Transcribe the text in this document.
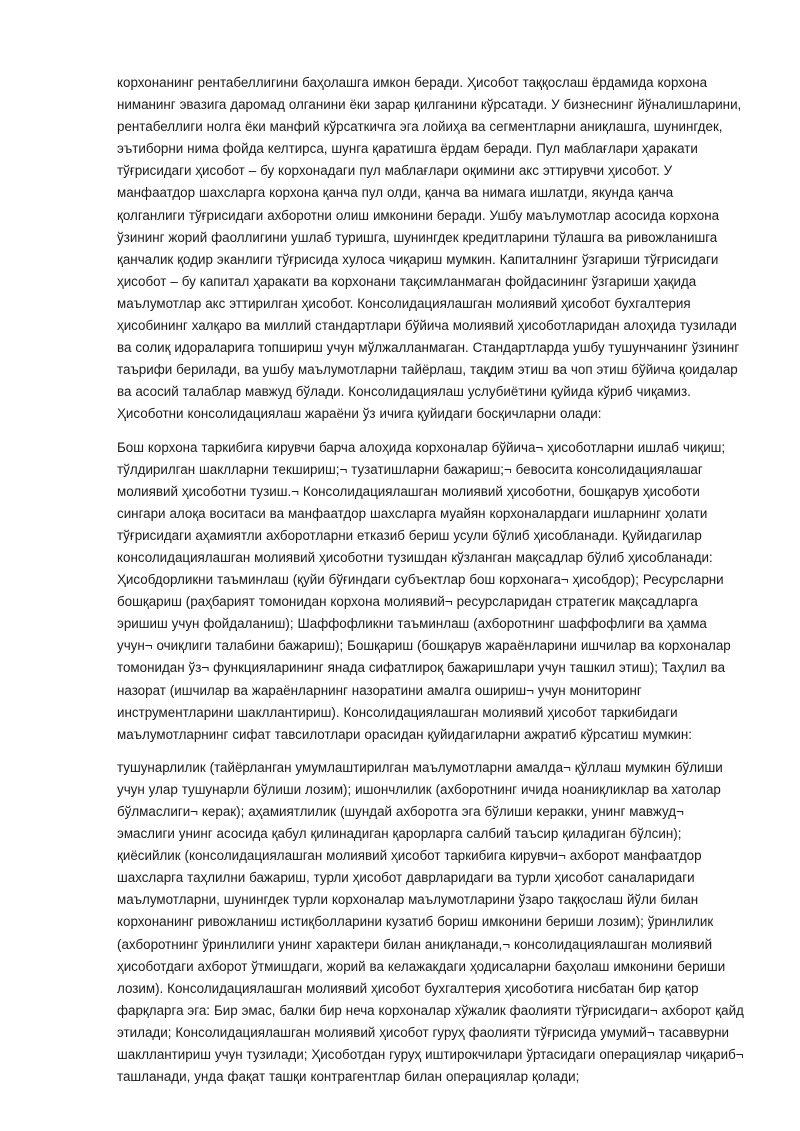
корхонанинг рентабеллигини баҳолашга имкон беради. Ҳисобот таққослаш ёрдамида корхона ниманинг эвазига даромад олганини ёки зарар қилганини кўрсатади. У бизнеснинг йўналишларини, рентабеллиги нолга ёки манфий кўрсаткичга эга лойиҳа ва сегментларни аниқлашга, шунингдек, эътиборни нима фойда келтирса, шунга қаратишга ёрдам беради. Пул маблағлари ҳаракати тўғрисидаги ҳисобот – бу корхонадаги пул маблағлари оқимини акс эттирувчи ҳисобот. У манфаатдор шахсларга корхона қанча пул олди, қанча ва нимага ишлатди, якунда қанча қолганлиги тўғрисидаги ахборотни олиш имконини беради. Ушбу маълумотлар асосида корхона ўзининг жорий фаоллигини ушлаб туришга, шунингдек кредитларини тўлашга ва ривожланишга қанчалик қодир эканлиги тўғрисида хулоса чиқариш мумкин. Капиталнинг ўзгариши тўғрисидаги ҳисобот – бу капитал ҳаракати ва корхонани тақсимланмаган фойдасининг ўзгариши ҳақида маълумотлар акс эттирилган ҳисобот. Консолидациялашган молиявий ҳисобот бухгалтерия ҳисобининг халқаро ва миллий стандартлари бўйича молиявий ҳисоботларидан алоҳида тузилади ва солиқ идораларига топшириш учун мўлжалланмаган. Стандартларда ушбу тушунчанинг ўзининг таърифи берилади, ва ушбу маълумотларни тайёрлаш, тақдим этиш ва чоп этиш бўйича қоидалар ва асосий талаблар мавжуд бўлади. Консолидациялаш услубиётини қуйида кўриб чиқамиз. Ҳисоботни консолидациялаш жараёни ўз ичига қуйидаги босқичларни олади:

Бош корхона таркибига кирувчи барча алоҳида корхоналар бўйича¬ ҳисоботларни ишлаб чиқиш; тўлдирилган шаклларни текшириш;¬ тузатишларни бажариш;¬ бевосита консолидациялашаг молиявий ҳисоботни тузиш.¬ Консолидациялашган молиявий ҳисоботни, бошқарув ҳисоботи сингари алоқа воситаси ва манфаатдор шахсларга муайян корхоналардаги ишларнинг ҳолати тўғрисидаги аҳамиятли ахборотларни етказиб бериш усули бўлиб ҳисобланади. Қуйидагилар консолидациялашган молиявий ҳисоботни тузишдан кўзланган мақсадлар бўлиб ҳисобланади: Ҳисобдорликни таъминлаш (қуйи бўғиндаги субъектлар бош корхонага¬ ҳисобдор); Ресурсларни бошқариш (раҳбарият томонидан корхона молиявий¬ ресурсларидан стратегик мақсадларга эришиш учун фойдаланиш); Шаффофликни таъминлаш (ахборотнинг шаффофлиги ва ҳамма учун¬ очиқлиги талабини бажариш); Бошқариш (бошқарув жараёнларини ишчилар ва корхоналар томонидан ўз¬ функцияларининг янада сифатлироқ бажаришлари учун ташкил этиш); Таҳлил ва назорат (ишчилар ва жараёнларнинг назоратини амалга ошириш¬ учун мониторинг инструментларини шакллантириш). Консолидациялашган молиявий ҳисобот таркибидаги маълумотларнинг сифат тавсилотлари орасидан қуйидагиларни ажратиб кўрсатиш мумкин:

тушунарлилик (тайёрланган умумлаштирилган маълумотларни амалда¬ қўллаш мумкин бўлиши учун улар тушунарли бўлиши лозим); ишончлилик (ахборотнинг ичида ноаниқликлар ва хатолар бўлмаслиги¬ керак); аҳамиятлилик (шундай ахборотга эга бўлиши керакки, унинг мавжуд¬ эмаслиги унинг асосида қабул қилинадиган қарорларга салбий таъсир қиладиган бўлсин); қиёсийлик (консолидациялашган молиявий ҳисобот таркибига кирувчи¬ ахборот манфаатдор шахсларга таҳлилни бажариш, турли ҳисобот даврларидаги ва турли ҳисобот саналаридаги маълумотларни, шунингдек турли корхоналар маълумотларини ўзаро таққослаш йўли билан корхонанинг ривожланиш истиқболларини кузатиб бориш имконини бериши лозим); ўринлилик (ахборотнинг ўринлилиги унинг характери билан аниқланади,¬ консолидациялашган молиявий ҳисоботдаги ахборот ўтмишдаги, жорий ва келажакдаги ҳодисаларни баҳолаш имконини бериши лозим). Консолидациялашган молиявий ҳисобот бухгалтерия ҳисоботига нисбатан бир қатор фарқларга эга: Бир эмас, балки бир неча корхоналар хўжалик фаолияти тўғрисидаги¬ ахборот қайд этилади; Консолидациялашган молиявий ҳисобот гуруҳ фаолияти тўғрисида умумий¬ тасаввурни шакллантириш учун тузилади; Ҳисоботдан гуруҳ иштирокчилари ўртасидаги операциялар чиқариб¬ ташланади, унда фақат ташқи контрагентлар билан операциялар қолади;
